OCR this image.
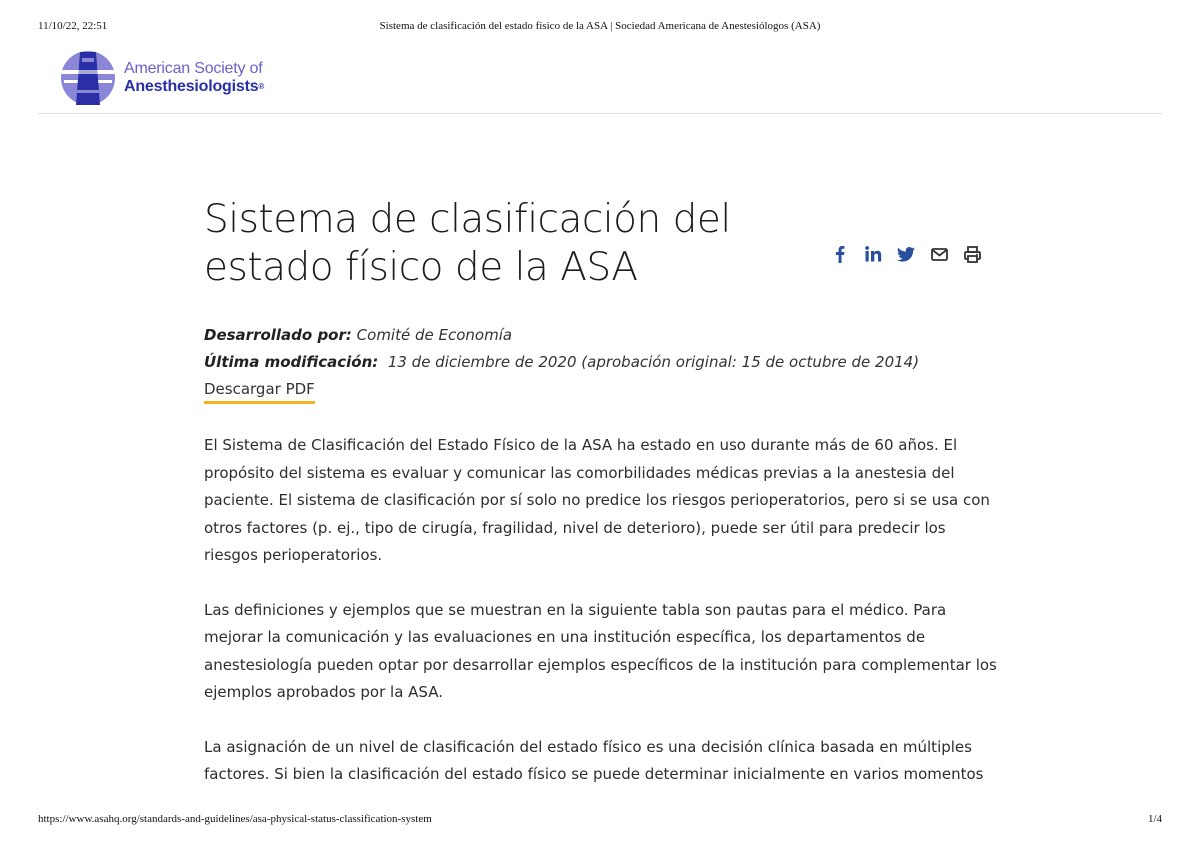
11/10/22, 22:51	Sistema de clasificación del estado físico de la ASA | Sociedad Americana de Anestesiólogos (ASA)
American Society of
Anesthesiologists®
Sistema de clasificación del estado físico de la ASA
Desarrollado por: Comité de Economía
Última modificación: 13 de diciembre de 2020 (aprobación original: 15 de octubre de 2014)
Descargar PDF

El Sistema de Clasificación del Estado Físico de la ASA ha estado en uso durante más de 60 años. El propósito del sistema es evaluar y comunicar las comorbilidades médicas previas a la anestesia del paciente. El sistema de clasificación por sí solo no predice los riesgos perioperatorios, pero si se usa con otros factores (p. ej., tipo de cirugía, fragilidad, nivel de deterioro), puede ser útil para predecir los riesgos perioperatorios.

Las definiciones y ejemplos que se muestran en la siguiente tabla son pautas para el médico. Para mejorar la comunicación y las evaluaciones en una institución específica, los departamentos de anestesiología pueden optar por desarrollar ejemplos específicos de la institución para complementar los ejemplos aprobados por la ASA.

La asignación de un nivel de clasificación del estado físico es una decisión clínica basada en múltiples factores. Si bien la clasificación del estado físico se puede determinar inicialmente en varios momentos

https://www.asahq.org/standards-and-guidelines/asa-physical-status-classification-system	1/4
